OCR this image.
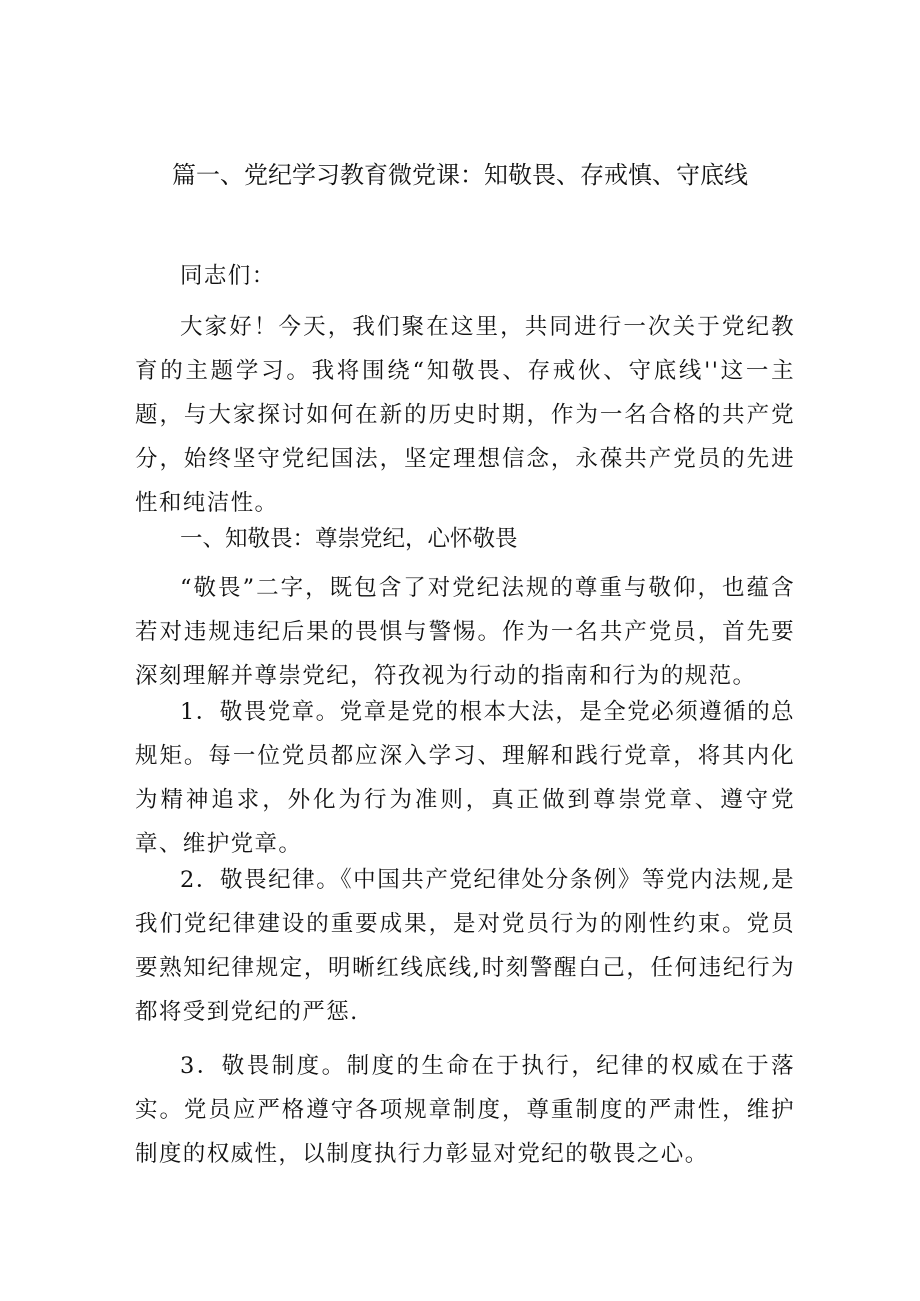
篇一、党纪学习教育微党课：知敬畏、存戒慎、守底线

同志们：

大家好！今天，我们聚在这里，共同进行一次关于党纪教育的主题学习。我将围绕“知敬畏、存戒伙、守底线''这一主题，与大家探讨如何在新的历史时期，作为一名合格的共产党分，始终坚守党纪国法，坚定理想信念，永葆共产党员的先进性和纯洁性。

一、知敬畏：尊崇党纪，心怀敬畏

“敬畏”二字，既包含了对党纪法规的尊重与敬仰，也蕴含若对违规违纪后果的畏惧与警惕。作为一名共产党员，首先要深刻理解并尊崇党纪，符孜视为行动的指南和行为的规范。

1．敬畏党章。党章是党的根本大法，是全党必须遵循的总规矩。每一位党员都应深入学习、理解和践行党章，将其内化为精神追求，外化为行为准则，真正做到尊崇党章、遵守党章、维护党章。

2．敬畏纪律。《中国共产党纪律处分条例》等党内法规,是我们党纪律建设的重要成果，是对党员行为的刚性约束。党员要熟知纪律规定，明晰红线底线,时刻警醒白己，任何违纪行为都将受到党纪的严惩.

3．敬畏制度。制度的生命在于执行，纪律的权威在于落实。党员应严格遵守各项规章制度，尊重制度的严肃性，维护制度的权威性，以制度执行力彰显对党纪的敬畏之心。
